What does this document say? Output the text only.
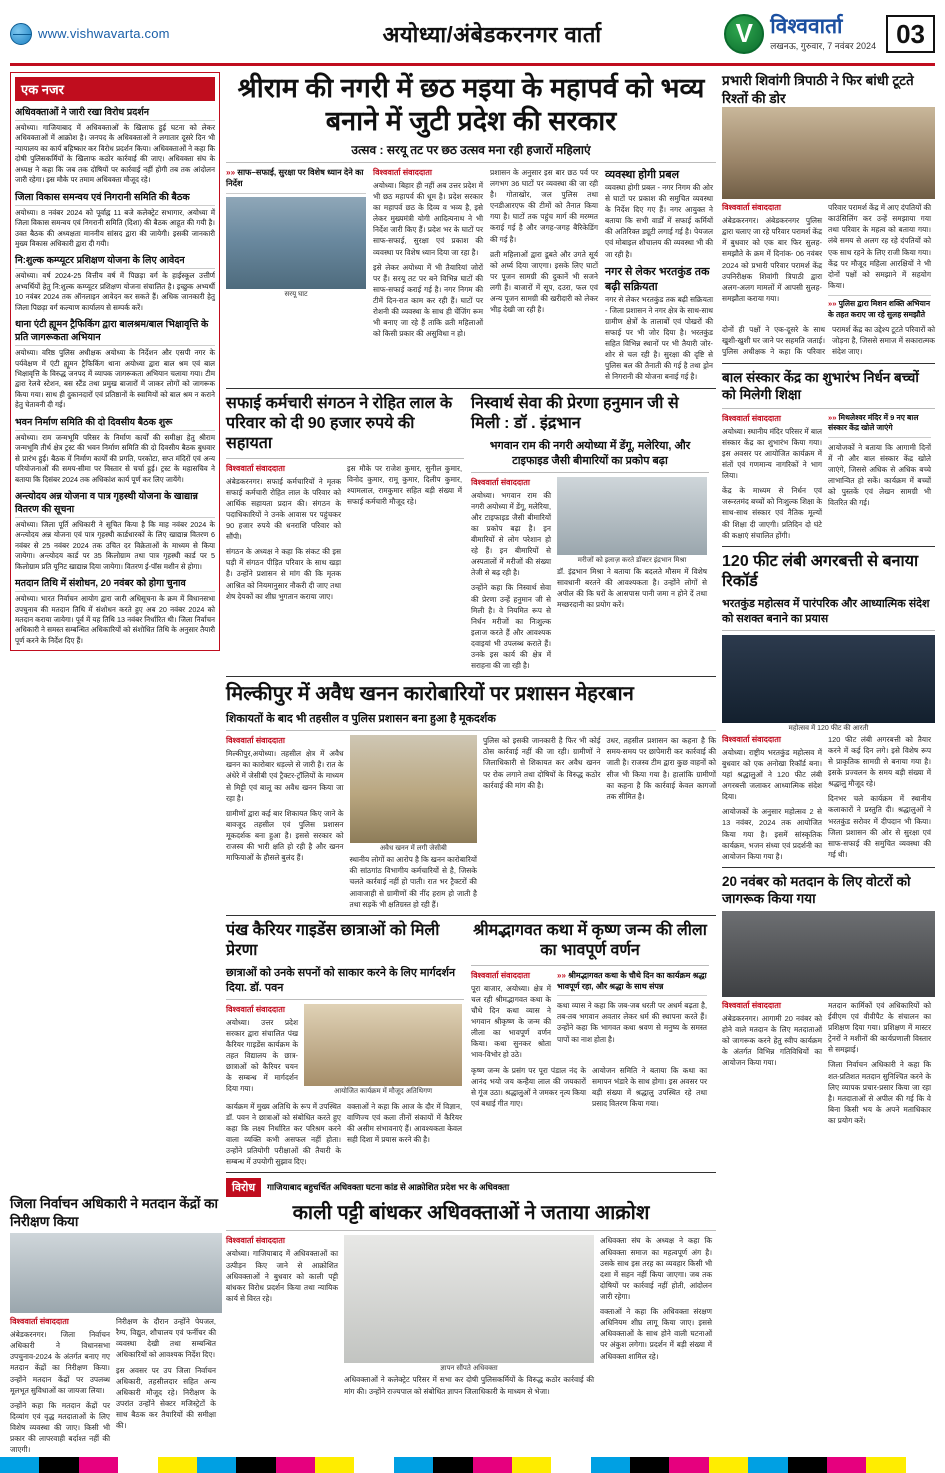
www.vishwavarta.com	अयोध्या/अंबेडकरनगर वार्ता	V विश्ववार्ता
लखनऊ, गुरुवार, 7 नवंबर 2024 03
एक नजर
अधिवक्ताओं ने जारी रखा विरोध प्रदर्शन
अयोध्या। गाजियाबाद में अधिवक्ताओं के खिलाफ हुई घटना को लेकर अधिवक्ताओं में आक्रोश है। जनपद के अधिवक्ताओं ने लगातार दूसरे दिन भी न्यायालय का कार्य बहिष्कार कर विरोध प्रदर्शन किया। अधिवक्ताओं ने कहा कि दोषी पुलिसकर्मियों के खिलाफ कठोर कार्रवाई की जाए। अधिवक्ता संघ के अध्यक्ष ने कहा कि जब तक दोषियों पर कार्रवाई नहीं होगी तब तक आंदोलन जारी रहेगा। इस मौके पर तमाम अधिवक्ता मौजूद रहे।
जिला विकास समन्वय एवं निगरानी समिति की बैठक
अयोध्या। 8 नवंबर 2024 को पूर्वाह्न 11 बजे कलेक्ट्रेट सभागार, अयोध्या में जिला विकास समन्वय एवं निगरानी समिति (दिशा) की बैठक आहूत की गयी है। उक्त बैठक की अध्यक्षता माननीय सांसद द्वारा की जायेगी। इसकी जानकारी मुख्य विकास अधिकारी द्वारा दी गयी।
नि:शुल्क कम्प्यूटर प्रशिक्षण योजना के लिए आवेदन
अयोध्या। वर्ष 2024-25 वित्तीय वर्ष में पिछड़ा वर्ग के हाईस्कूल उत्तीर्ण अभ्यर्थियों हेतु नि:शुल्क कम्प्यूटर प्रशिक्षण योजना संचालित है। इच्छुक अभ्यर्थी 10 नवंबर 2024 तक ऑनलाइन आवेदन कर सकते हैं। अधिक जानकारी हेतु जिला पिछड़ा वर्ग कल्याण कार्यालय से सम्पर्क करें।
थाना एंटी ह्यूमन ट्रैफिकिंग द्वारा बालश्रम/बाल भिक्षावृत्ति के प्रति जागरूकता अभियान
अयोध्या। वरिष्ठ पुलिस अधीक्षक अयोध्या के निर्देशन और एसपी नगर के पर्यवेक्षण में एंटी ह्यूमन ट्रैफिकिंग थाना अयोध्या द्वारा बाल श्रम एवं बाल भिक्षावृत्ति के विरुद्ध जनपद में व्यापक जागरूकता अभियान चलाया गया। टीम द्वारा रेलवे स्टेशन, बस स्टैंड तथा प्रमुख बाजारों में जाकर लोगों को जागरूक किया गया। साथ ही दुकानदारों एवं प्रतिष्ठानों के स्वामियों को बाल श्रम न कराने हेतु चेतावनी दी गई।
भवन निर्माण समिति की दो दिवसीय बैठक शुरू
अयोध्या। राम जन्मभूमि परिसर के निर्माण कार्यों की समीक्षा हेतु श्रीराम जन्मभूमि तीर्थ क्षेत्र ट्रस्ट की भवन निर्माण समिति की दो दिवसीय बैठक बुधवार से प्रारंभ हुई। बैठक में निर्माण कार्यों की प्रगति, परकोटा, सप्त मंदिरों एवं अन्य परियोजनाओं की समय-सीमा पर विस्तार से चर्चा हुई। ट्रस्ट के महासचिव ने बताया कि दिसंबर 2024 तक अधिकांश कार्य पूर्ण कर लिए जायेंगे।
अन्त्योदय अन्न योजना व पात्र गृहस्थी योजना के खाद्यान्न वितरण की सूचना
अयोध्या। जिला पूर्ति अधिकारी ने सूचित किया है कि माह नवंबर 2024 के अन्त्योदय अन्न योजना एवं पात्र गृहस्थी कार्डधारकों के लिए खाद्यान्न वितरण 6 नवंबर से 25 नवंबर 2024 तक उचित दर विक्रेताओं के माध्यम से किया जायेगा। अन्त्योदय कार्ड पर 35 किलोग्राम तथा पात्र गृहस्थी कार्ड पर 5 किलोग्राम प्रति यूनिट खाद्यान्न दिया जायेगा। वितरण ई-पॉस मशीन से होगा।
मतदान तिथि में संशोधन, 20 नवंबर को होगा चुनाव
अयोध्या। भारत निर्वाचन आयोग द्वारा जारी अधिसूचना के क्रम में विधानसभा उपचुनाव की मतदान तिथि में संशोधन करते हुए अब 20 नवंबर 2024 को मतदान कराया जायेगा। पूर्व में यह तिथि 13 नवंबर निर्धारित थी। जिला निर्वाचन अधिकारी ने समस्त सम्बन्धित अधिकारियों को संशोधित तिथि के अनुसार तैयारी पूर्ण करने के निर्देश दिए हैं।
श्रीराम की नगरी में छठ मइया के महापर्व को भव्य बनाने में जुटी प्रदेश की सरकार
उत्सव : सरयू तट पर छठ उत्सव मना रही हजारों महिलाएं
»» साफ–सफाई, सुरक्षा पर विशेष ध्यान देने का निर्देश
सरयू घाट
विश्ववार्ता संवाददाता
अयोध्या। बिहार ही नहीं अब उत्तर प्रदेश में भी छठ महापर्व की धूम है। प्रदेश सरकार का महापर्व छठ के दिव्य व भव्य है, इसे लेकर मुख्यमंत्री योगी आदित्यनाथ ने भी निर्देश जारी किए हैं। प्रदेश भर के घाटों पर साफ-सफाई, सुरक्षा एवं प्रकाश की व्यवस्था पर विशेष ध्यान दिया जा रहा है।
इसे लेकर अयोध्या में भी तैयारियां जोरों पर हैं। सरयू तट पर बने विभिन्न घाटों की साफ-सफाई कराई गई है। नगर निगम की टीमें दिन-रात काम कर रही हैं। घाटों पर रोशनी की व्यवस्था के साथ ही चेंजिंग रूम भी बनाए जा रहे हैं ताकि व्रती महिलाओं को किसी प्रकार की असुविधा न हो।
प्रशासन के अनुसार इस बार छठ पर्व पर लगभग 36 घाटों पर व्यवस्था की जा रही है। गोताखोर, जल पुलिस तथा एनडीआरएफ की टीमों को तैनात किया गया है। घाटों तक पहुंच मार्ग की मरम्मत कराई गई है और जगह-जगह बैरिकेडिंग की गई है।
व्रती महिलाओं द्वारा डूबते और उगते सूर्य को अर्घ्य दिया जाएगा। इसके लिए घाटों पर पूजन सामग्री की दुकानें भी सजने लगी हैं। बाजारों में सूप, दउरा, फल एवं अन्य पूजन सामग्री की खरीदारी को लेकर भीड़ देखी जा रही है।
व्यवस्था होगी प्रबल
व्यवस्था होगी प्रबल - नगर निगम की ओर से घाटों पर प्रकाश की समुचित व्यवस्था के निर्देश दिए गए हैं। नगर आयुक्त ने बताया कि सभी वार्डों में सफाई कर्मियों की अतिरिक्त ड्यूटी लगाई गई है। पेयजल एवं मोबाइल शौचालय की व्यवस्था भी की जा रही है।
नगर से लेकर भरतकुंड तक बढ़ी सक्रियता
नगर से लेकर भरतकुंड तक बढ़ी सक्रियता - जिला प्रशासन ने नगर क्षेत्र के साथ-साथ ग्रामीण क्षेत्रों के तालाबों एवं पोखरों की सफाई पर भी जोर दिया है। भरतकुंड सहित विभिन्न स्थानों पर भी तैयारी जोर-शोर से चल रही है। सुरक्षा की दृष्टि से पुलिस बल की तैनाती की गई है तथा ड्रोन से निगरानी की योजना बनाई गई है।
सफाई कर्मचारी संगठन ने रोहित लाल के परिवार को दी 90 हजार रुपये की सहायता
विश्ववार्ता संवाददाता
अंबेडकरनगर। सफाई कर्मचारियों ने मृतक सफाई कर्मचारी रोहित लाल के परिवार को आर्थिक सहायता प्रदान की। संगठन के पदाधिकारियों ने उनके आवास पर पहुंचकर 90 हजार रुपये की धनराशि परिवार को सौंपी।
संगठन के अध्यक्ष ने कहा कि संकट की इस घड़ी में संगठन पीड़ित परिवार के साथ खड़ा है। उन्होंने प्रशासन से मांग की कि मृतक आश्रित को नियमानुसार नौकरी दी जाए तथा शेष देयकों का शीघ्र भुगतान कराया जाए।
इस मौके पर राजेश कुमार, सुनील कुमार, विनोद कुमार, रामू कुमार, दिलीप कुमार, श्यामलाल, रामकुमार सहित बड़ी संख्या में सफाई कर्मचारी मौजूद रहे।
निस्वार्थ सेवा की प्रेरणा हनुमान जी से मिली : डॉ . इंद्रभान
भगवान राम की नगरी अयोध्या में डेंगू, मलेरिया, और टाइफाइड जैसी बीमारियों का प्रकोप बढ़ा
विश्ववार्ता संवाददाता
अयोध्या। भगवान राम की नगरी अयोध्या में डेंगू, मलेरिया, और टाइफाइड जैसी बीमारियों का प्रकोप बढ़ा है। इन बीमारियों से लोग परेशान हो रहे हैं। इन बीमारियों से अस्पतालों में मरीजों की संख्या तेजी से बढ़ रही है।
उन्होंने कहा कि निस्वार्थ सेवा की प्रेरणा उन्हें हनुमान जी से मिली है। वे नियमित रूप से निर्धन मरीजों का निःशुल्क इलाज करते हैं और आवश्यक दवाइयां भी उपलब्ध कराते हैं। उनके इस कार्य की क्षेत्र में सराहना की जा रही है।
मरीजों को इलाज़ करते डॉक्टर इंद्रभान मिश्रा
डॉ. इंद्रभान मिश्रा ने बताया कि बदलते मौसम में विशेष सावधानी बरतने की आवश्यकता है। उन्होंने लोगों से अपील की कि घरों के आसपास पानी जमा न होने दें तथा मच्छरदानी का प्रयोग करें।
मिल्कीपुर में अवैध खनन कारोबारियों पर प्रशासन मेहरबान
शिकायतों के बाद भी तहसील व पुलिस प्रशासन बना हुआ है मूकदर्शक
विश्ववार्ता संवाददाता
मिल्कीपुर,अयोध्या। तहसील क्षेत्र में अवैध खनन का कारोबार धड़ल्ले से जारी है। रात के अंधेरे में जेसीबी एवं ट्रैक्टर-ट्रॉलियों के माध्यम से मिट्टी एवं बालू का अवैध खनन किया जा रहा है।
ग्रामीणों द्वारा कई बार शिकायत किए जाने के बावजूद तहसील एवं पुलिस प्रशासन मूकदर्शक बना हुआ है। इससे सरकार को राजस्व की भारी क्षति हो रही है और खनन माफियाओं के हौसले बुलंद हैं।
अवैध खनन में लगी जेसीबी
स्थानीय लोगों का आरोप है कि खनन कारोबारियों की सांठगांठ विभागीय कर्मचारियों से है, जिसके चलते कार्रवाई नहीं हो पाती। रात भर ट्रैक्टरों की आवाजाही से ग्रामीणों की नींद हराम हो जाती है तथा सड़कें भी क्षतिग्रस्त हो रही हैं।
पुलिस को इसकी जानकारी है फिर भी कोई ठोस कार्रवाई नहीं की जा रही। ग्रामीणों ने जिलाधिकारी से शिकायत कर अवैध खनन पर रोक लगाने तथा दोषियों के विरुद्ध कठोर कार्रवाई की मांग की है।
उधर, तहसील प्रशासन का कहना है कि समय-समय पर छापेमारी कर कार्रवाई की जाती है। राजस्व टीम द्वारा कुछ वाहनों को सीज भी किया गया है। हालांकि ग्रामीणों का कहना है कि कार्रवाई केवल कागजों तक सीमित है।
पंख कैरियर गाइडेंस छात्राओं को मिली प्रेरणा
छात्राओं को उनके सपनों को साकार करने के लिए मार्गदर्शन दिया. डॉ. पवन
विश्ववार्ता संवाददाता
अयोध्या। उत्तर प्रदेश सरकार द्वारा संचालित पंख कैरियर गाइडेंस कार्यक्रम के तहत विद्यालय के छात्र-छात्राओं को कैरियर चयन के सम्बन्ध में मार्गदर्शन दिया गया।	आयोजित कार्यक्रम में मौजूद अतिथिगण
कार्यक्रम में मुख्य अतिथि के रूप में उपस्थित डॉ. पवन ने छात्राओं को संबोधित करते हुए कहा कि लक्ष्य निर्धारित कर परिश्रम करने वाला व्यक्ति कभी असफल नहीं होता। उन्होंने प्रतियोगी परीक्षाओं की तैयारी के सम्बन्ध में उपयोगी सुझाव दिए।
वक्ताओं ने कहा कि आज के दौर में विज्ञान, वाणिज्य एवं कला तीनों संकायों में कैरियर की असीम संभावनाएं हैं। आवश्यकता केवल सही दिशा में प्रयास करने की है।
श्रीमद्भागवत कथा में कृष्ण जन्म की लीला का भावपूर्ण वर्णन
विश्ववार्ता संवाददाता
पूरा बाजार, अयोध्या। क्षेत्र में चल रही श्रीमद्भागवत कथा के चौथे दिन कथा व्यास ने भगवान श्रीकृष्ण के जन्म की लीला का भावपूर्ण वर्णन किया। कथा सुनकर श्रोता भाव-विभोर हो उठे।
»» श्रीमद्भागवत कथा के चौथे दिन का कार्यक्रम श्रद्धा भावपूर्ण रहा, और श्रद्धा के साथ संपन्न
कथा व्यास ने कहा कि जब-जब धरती पर अधर्म बढ़ता है, तब-तब भगवान अवतार लेकर धर्म की स्थापना करते हैं। उन्होंने कहा कि भागवत कथा श्रवण से मनुष्य के समस्त पापों का नाश होता है।
कृष्ण जन्म के प्रसंग पर पूरा पंडाल नंद के आनंद भयो जय कन्हैया लाल की जयकारों से गूंज उठा। श्रद्धालुओं ने जमकर नृत्य किया एवं बधाई गीत गाए।
आयोजन समिति ने बताया कि कथा का समापन भंडारे के साथ होगा। इस अवसर पर बड़ी संख्या में श्रद्धालु उपस्थित रहे तथा प्रसाद वितरण किया गया।
विरोध	गाजियाबाद बहुचर्चित अधिवक्ता घटना कांड से आक्रोशित प्रदेश भर के अधिवक्ता
काली पट्टी बांधकर अधिवक्ताओं ने जताया आक्रोश
विश्ववार्ता संवाददाता
अयोध्या। गाजियाबाद में अधिवक्ताओं का उत्पीड़न किए जाने से आक्रोशित अधिवक्ताओं ने बुधवार को काली पट्टी बांधकर विरोध प्रदर्शन किया तथा न्यायिक कार्य से विरत रहे।
ज्ञापन सौंपते अधिवक्ता
अधिवक्ताओं ने कलेक्ट्रेट परिसर में सभा कर दोषी पुलिसकर्मियों के विरुद्ध कठोर कार्रवाई की मांग की। उन्होंने राज्यपाल को संबोधित ज्ञापन जिलाधिकारी के माध्यम से भेजा।
अधिवक्ता संघ के अध्यक्ष ने कहा कि अधिवक्ता समाज का महत्वपूर्ण अंग है। उसके साथ इस तरह का व्यवहार किसी भी दशा में सहन नहीं किया जाएगा। जब तक दोषियों पर कार्रवाई नहीं होती, आंदोलन जारी रहेगा।
वक्ताओं ने कहा कि अधिवक्ता संरक्षण अधिनियम शीघ्र लागू किया जाए। इससे अधिवक्ताओं के साथ होने वाली घटनाओं पर अंकुश लगेगा। प्रदर्शन में बड़ी संख्या में अधिवक्ता शामिल रहे।
प्रभारी शिवांगी त्रिपाठी ने फिर बांधी टूटते रिश्तों की डोर
विश्ववार्ता संवाददाता
अंबेडकरनगर। अंबेडकरनगर पुलिस द्वारा चलाए जा रहे परिवार परामर्श केंद्र में बुधवार को एक बार फिर सुलह-समझौते के क्रम में दिनांक- 06 नवंबर 2024 को प्रभारी परिवार परामर्श केंद्र उपनिरीक्षक शिवांगी त्रिपाठी द्वारा अलग-अलग मामलों में आपसी सुलह-समझौता कराया गया।
परिवार परामर्श केंद्र में आए दंपतियों की काउंसिलिंग कर उन्हें समझाया गया तथा परिवार के महत्व को बताया गया। लंबे समय से अलग रह रहे दंपतियों को एक साथ रहने के लिए राजी किया गया। केंद्र पर मौजूद महिला आरक्षियों ने भी दोनों पक्षों को समझाने में सहयोग किया।
»» पुलिस द्वारा मिशन शक्ति अभियान के तहत कराए जा रहे सुलह समझौते
दोनों ही पक्षों ने एक-दूसरे के साथ खुशी-खुशी घर जाने पर सहमति जताई। पुलिस अधीक्षक ने कहा कि परिवार परामर्श केंद्र का उद्देश्य टूटते परिवारों को जोड़ना है, जिससे समाज में सकारात्मक संदेश जाए।
बाल संस्कार केंद्र का शुभारंभ निर्धन बच्चों को मिलेगी शिक्षा
विश्ववार्ता संवाददाता
अयोध्या। स्थानीय मंदिर परिसर में बाल संस्कार केंद्र का शुभारंभ किया गया। इस अवसर पर आयोजित कार्यक्रम में संतों एवं गणमान्य नागरिकों ने भाग लिया।
केंद्र के माध्यम से निर्धन एवं जरूरतमंद बच्चों को निःशुल्क शिक्षा के साथ-साथ संस्कार एवं नैतिक मूल्यों की शिक्षा दी जाएगी। प्रतिदिन दो घंटे की कक्षाएं संचालित होंगी।
»» मिथलेश्वर मंदिर में 9 नए बाल संस्कार केंद्र खोले जाएंगे
आयोजकों ने बताया कि आगामी दिनों में नौ और बाल संस्कार केंद्र खोले जाएंगे, जिससे अधिक से अधिक बच्चे लाभान्वित हो सकें। कार्यक्रम में बच्चों को पुस्तकें एवं लेखन सामग्री भी वितरित की गई।
120 फीट लंबी अगरबत्ती से बनाया रिकॉर्ड
भरतकुंड महोत्सव में पारंपरिक और आध्यात्मिक संदेश को सशक्त बनाने का प्रयास
महोत्सव में 120 फीट की आरती
विश्ववार्ता संवाददाता
अयोध्या। राष्ट्रीय भरतकुंड महोत्सव में बुधवार को एक अनोखा रिकॉर्ड बना। यहां श्रद्धालुओं ने 120 फीट लंबी अगरबत्ती जलाकर आध्यात्मिक संदेश दिया।
आयोजकों के अनुसार महोत्सव 2 से 13 नवंबर, 2024 तक आयोजित किया गया है। इसमें सांस्कृतिक कार्यक्रम, भजन संध्या एवं प्रदर्शनी का आयोजन किया गया है।
120 फीट लंबी अगरबत्ती को तैयार करने में कई दिन लगे। इसे विशेष रूप से प्राकृतिक सामग्री से बनाया गया है। इसके प्रज्वलन के समय बड़ी संख्या में श्रद्धालु मौजूद रहे।
दिनभर चले कार्यक्रम में स्थानीय कलाकारों ने प्रस्तुति दी। श्रद्धालुओं ने भरतकुंड सरोवर में दीपदान भी किया। जिला प्रशासन की ओर से सुरक्षा एवं साफ-सफाई की समुचित व्यवस्था की गई थी।
20 नवंबर को मतदान के लिए वोटरों को जागरूक किया गया
विश्ववार्ता संवाददाता
अंबेडकरनगर। आगामी 20 नवंबर को होने वाले मतदान के लिए मतदाताओं को जागरूक करने हेतु स्वीप कार्यक्रम के अंतर्गत विभिन्न गतिविधियों का आयोजन किया गया।
मतदान कार्मिकों एवं अधिकारियों को ईवीएम एवं वीवीपैट के संचालन का प्रशिक्षण दिया गया। प्रशिक्षण में मास्टर ट्रेनरों ने मशीनों की कार्यप्रणाली विस्तार से समझाई।
जिला निर्वाचन अधिकारी ने कहा कि शत-प्रतिशत मतदान सुनिश्चित करने के लिए व्यापक प्रचार-प्रसार किया जा रहा है। मतदाताओं से अपील की गई कि वे बिना किसी भय के अपने मताधिकार का प्रयोग करें।
जिला निर्वाचन अधिकारी ने मतदान केंद्रों का निरीक्षण किया
विश्ववार्ता संवाददाता
अंबेडकरनगर। जिला निर्वाचन अधिकारी ने विधानसभा उपचुनाव-2024 के अंतर्गत बनाए गए मतदान केंद्रों का निरीक्षण किया। उन्होंने मतदान केंद्रों पर उपलब्ध मूलभूत सुविधाओं का जायजा लिया।
उन्होंने कहा कि मतदान केंद्रों पर दिव्यांग एवं वृद्ध मतदाताओं के लिए विशेष व्यवस्था की जाए। किसी भी प्रकार की लापरवाही बर्दाश्त नहीं की जाएगी।
निरीक्षण के दौरान उन्होंने पेयजल, रैम्प, विद्युत, शौचालय एवं फर्नीचर की व्यवस्था देखी तथा सम्बन्धित अधिकारियों को आवश्यक निर्देश दिए।
इस अवसर पर उप जिला निर्वाचन अधिकारी, तहसीलदार सहित अन्य अधिकारी मौजूद रहे। निरीक्षण के उपरांत उन्होंने सेक्टर मजिस्ट्रेटों के साथ बैठक कर तैयारियों की समीक्षा की।
